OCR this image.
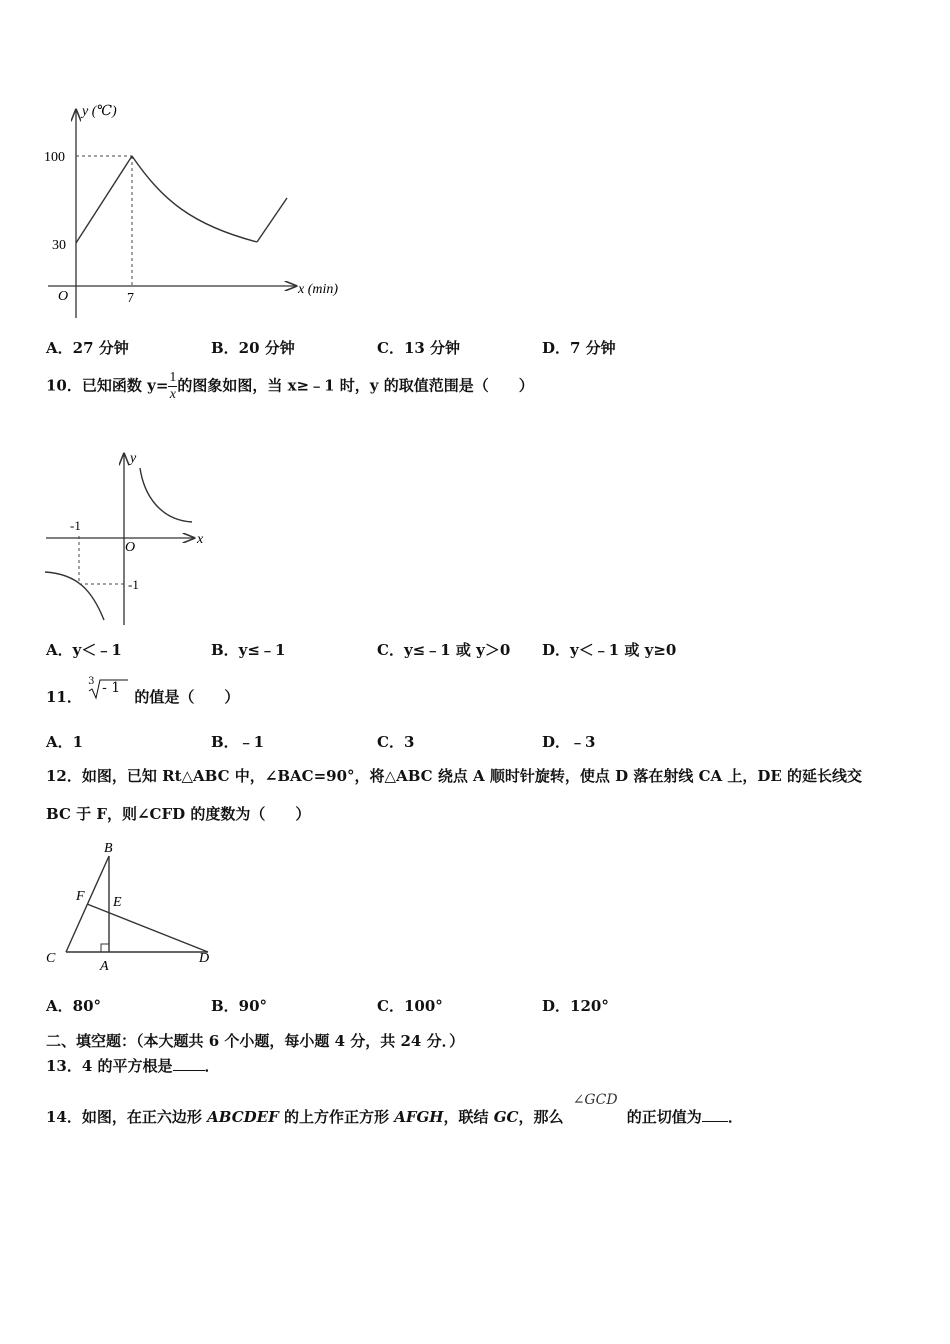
y (℃)
x (min)
O
100
30
7
A．27 分钟	B．20 分钟	C．13 分钟	D．7 分钟
10．已知函数 $y= \frac{1}{x}$ 的图象如图，当 x≥﹣1 时，y 的取值范围是（　　）
y
x
O
-1
-1
A．y＜﹣1	B．y≤﹣1	C．y≤﹣1 或 y＞0 D．y＜﹣1 或 y≥0
11．
3 - 1 的值是（　　）
A．1	B．﹣1	C．3	D．﹣3
12．如图，已知 Rt△ABC 中，∠BAC=90°，将△ABC 绕点 A 顺时针旋转，使点 D 落在射线 CA 上，DE 的延长线交
BC 于 F，则∠CFD 的度数为（　　）
B
F E
C
A
D
A．80°	B．90°	C．100°	D．120°
二、填空题：（本大题共 6 个小题，每小题 4 分，共 24 分．）
13．4 的平方根是 ．
14．如图，在正六边形 ABCDEF 的上方作正方形 AFGH，联结 GC，那么 ∠GCD 的正切值为 ．
